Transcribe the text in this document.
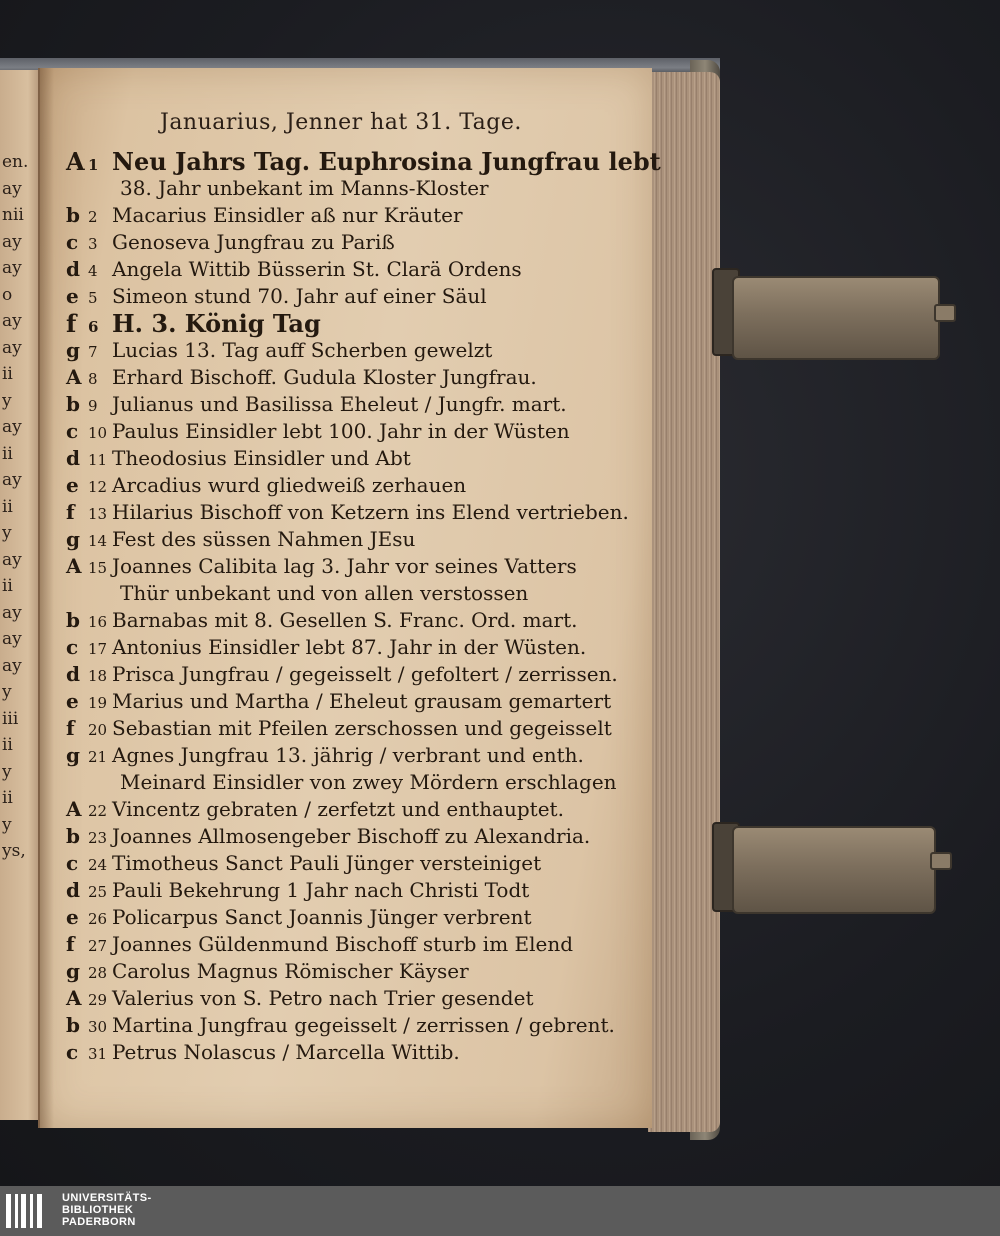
en.
ay
nii
ay
ay
o
ay
ay
ii
y
ay
ii
ay
ii
y
ay
ii
ay
ay
ay
y
iii
ii
y
ii
y
ys,
Januarius, Jenner hat 31. Tage.
A 1 Neu Jahrs Tag. Euphrosina Jungfrau lebt
38. Jahr unbekant im Manns-Kloster
b 2 Macarius Einsidler aß nur Kräuter
c 3 Genoseva Jungfrau zu Pariß
d 4 Angela Wittib Büsserin St. Clarä Ordens
e 5 Simeon stund 70. Jahr auf einer Säul
f 6 H. 3. König Tag
g 7 Lucias 13. Tag auff Scherben gewelzt
A 8 Erhard Bischoff. Gudula Kloster Jungfrau.
b 9 Julianus und Basilissa Eheleut / Jungfr. mart.
c 10 Paulus Einsidler lebt 100. Jahr in der Wüsten
d 11 Theodosius Einsidler und Abt
e 12 Arcadius wurd gliedweiß zerhauen
f 13 Hilarius Bischoff von Ketzern ins Elend vertrieben.
g 14 Fest des süssen Nahmen JEsu
A 15 Joannes Calibita lag 3. Jahr vor seines Vatters
Thür unbekant und von allen verstossen
b 16 Barnabas mit 8. Gesellen S. Franc. Ord. mart.
c 17 Antonius Einsidler lebt 87. Jahr in der Wüsten.
d 18 Prisca Jungfrau / gegeisselt / gefoltert / zerrissen.
e 19 Marius und Martha / Eheleut grausam gemartert
f 20 Sebastian mit Pfeilen zerschossen und gegeisselt
g 21 Agnes Jungfrau 13. jährig / verbrant und enth.
Meinard Einsidler von zwey Mördern erschlagen
A 22 Vincentz gebraten / zerfetzt und enthauptet.
b 23 Joannes Allmosengeber Bischoff zu Alexandria.
c 24 Timotheus Sanct Pauli Jünger versteiniget
d 25 Pauli Bekehrung 1 Jahr nach Christi Todt
e 26 Policarpus Sanct Joannis Jünger verbrent
f 27 Joannes Güldenmund Bischoff sturb im Elend
g 28 Carolus Magnus Römischer Käyser
A 29 Valerius von S. Petro nach Trier gesendet
b 30 Martina Jungfrau gegeisselt / zerrissen / gebrent.
c 31 Petrus Nolascus / Marcella Wittib.
UNIVERSITÄTS-
BIBLIOTHEK
PADERBORN
